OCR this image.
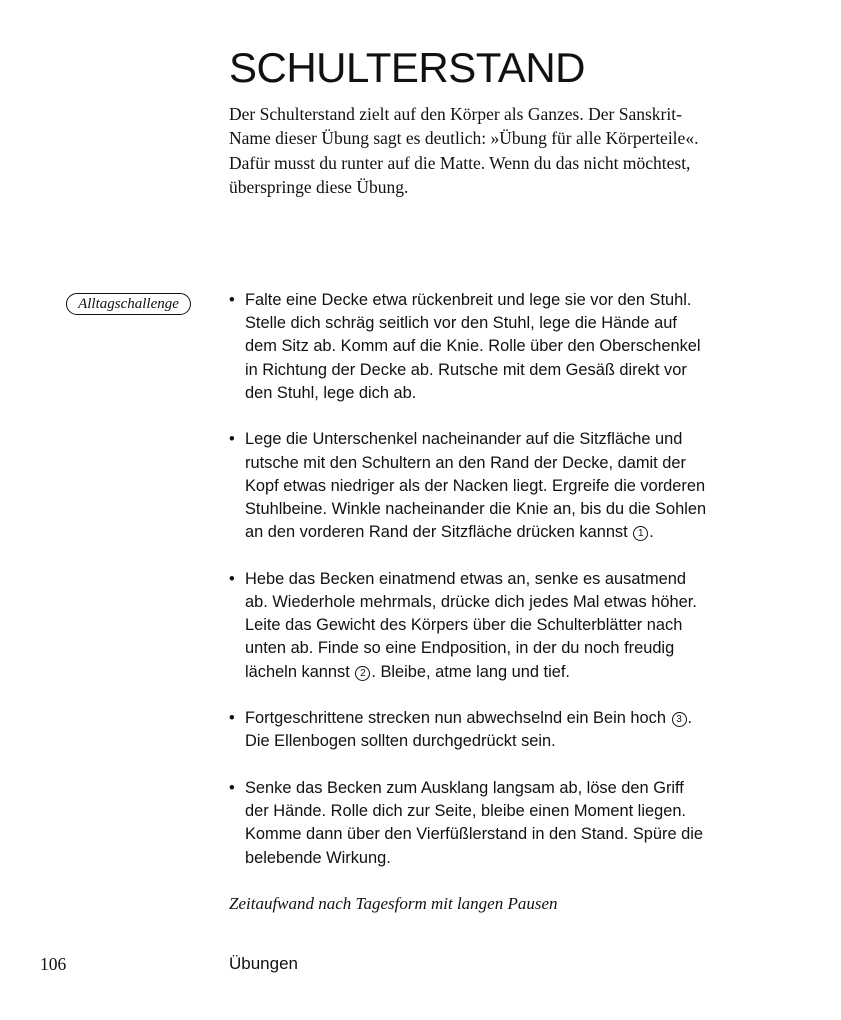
SCHULTERSTAND
Der Schulterstand zielt auf den Körper als Ganzes. Der Sanskrit-
Name dieser Übung sagt es deutlich: »Übung für alle Körperteile«.
Dafür musst du runter auf die Matte. Wenn du das nicht möchtest,
überspringe diese Übung.
Alltagschallenge	• Falte eine Decke etwa rückenbreit und lege sie vor den Stuhl.
Stelle dich schräg seitlich vor den Stuhl, lege die Hände auf
dem Sitz ab. Komm auf die Knie. Rolle über den Oberschenkel
in Richtung der Decke ab. Rutsche mit dem Gesäß direkt vor
den Stuhl, lege dich ab.
• Lege die Unterschenkel nacheinander auf die Sitzfläche und
rutsche mit den Schultern an den Rand der Decke, damit der
Kopf etwas niedriger als der Nacken liegt. Ergreife die vorderen
Stuhlbeine. Winkle nacheinander die Knie an, bis du die Sohlen
an den vorderen Rand der Sitzfläche drücken kannst 1 .
• Hebe das Becken einatmend etwas an, senke es ausatmend
ab. Wiederhole mehrmals, drücke dich jedes Mal etwas höher.
Leite das Gewicht des Körpers über die Schulterblätter nach
unten ab. Finde so eine Endposition, in der du noch freudig
lächeln kannst 2 . Bleibe, atme lang und tief.
• Fortgeschrittene strecken nun abwechselnd ein Bein hoch 3 .
Die Ellenbogen sollten durchgedrückt sein.
• Senke das Becken zum Ausklang langsam ab, löse den Griff
der Hände. Rolle dich zur Seite, bleibe einen Moment liegen.
Komme dann über den Vierfüßlerstand in den Stand. Spüre die
belebende Wirkung.
Zeitaufwand nach Tagesform mit langen Pausen
106	Übungen
